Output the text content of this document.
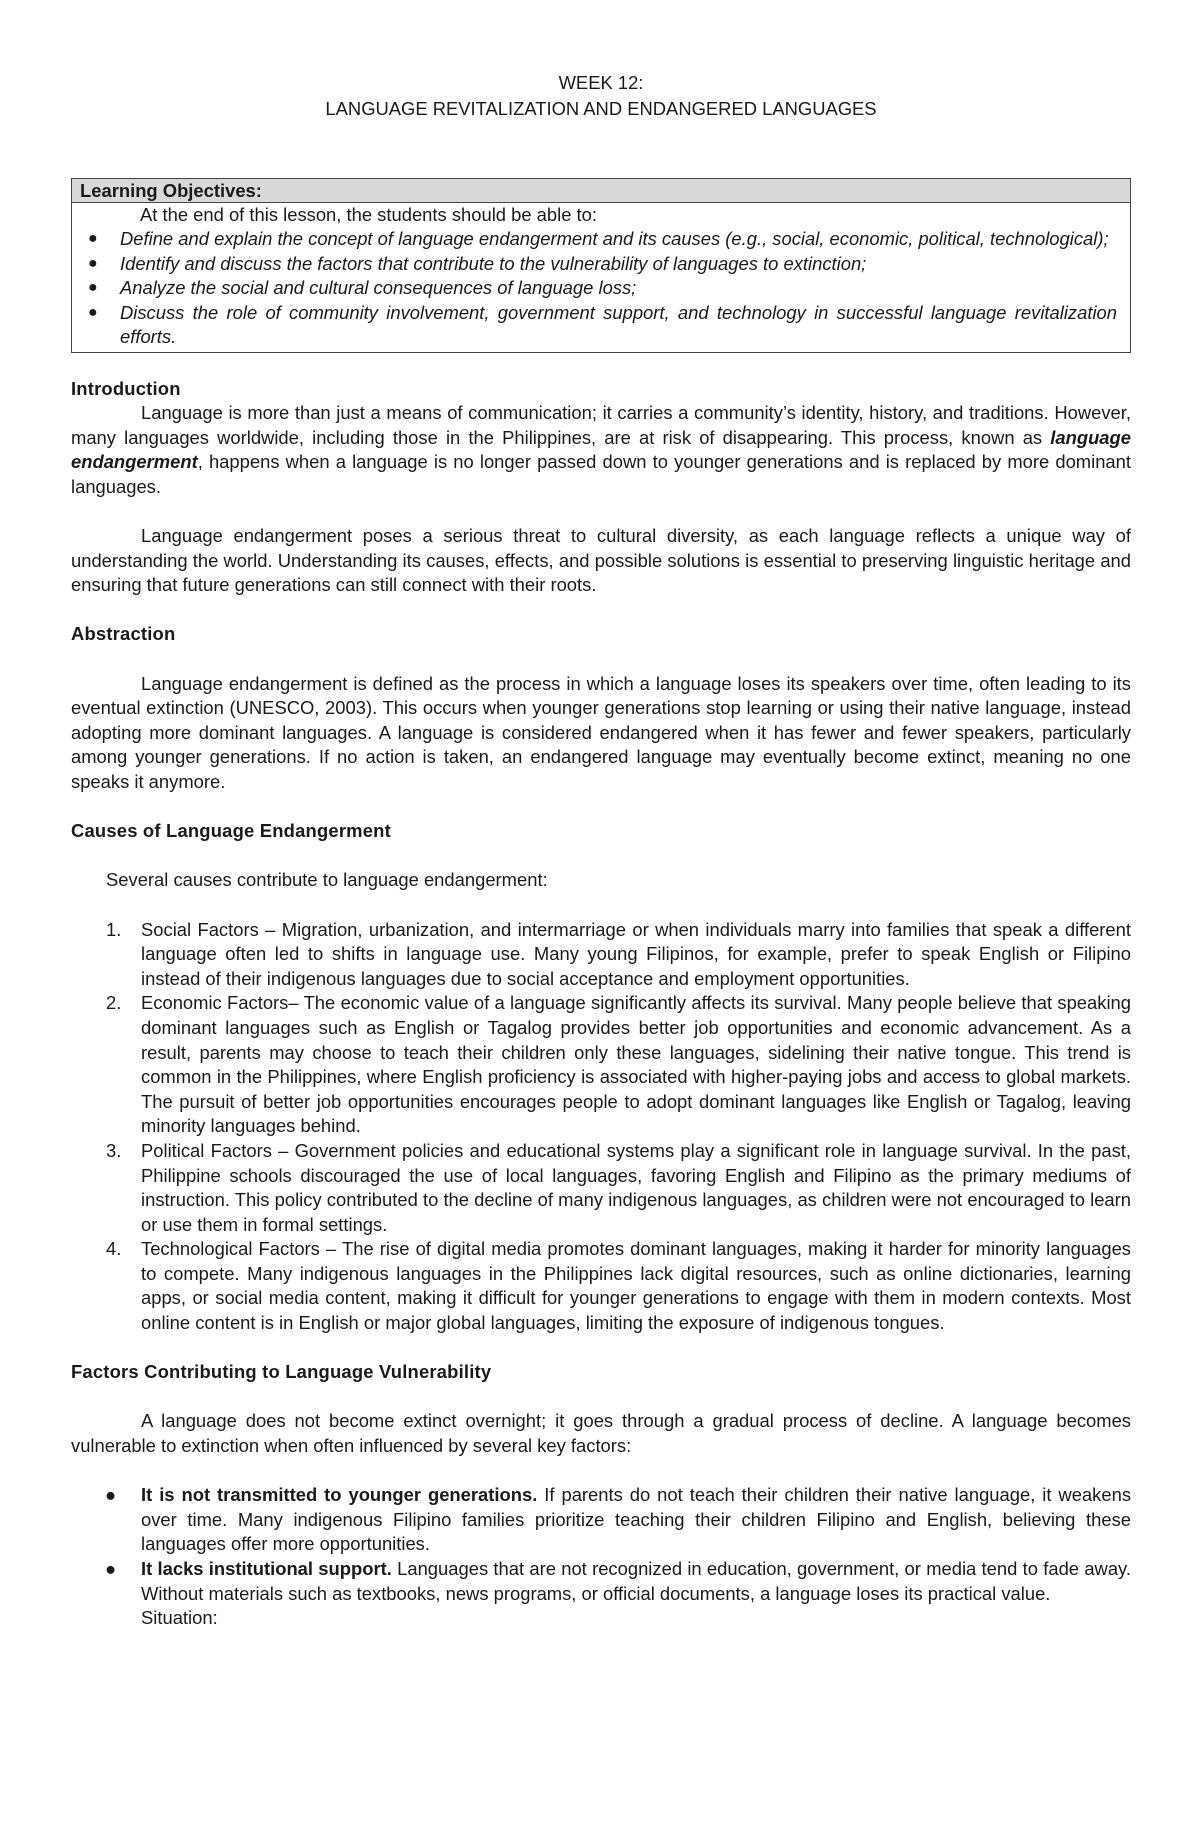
WEEK 12:
LANGUAGE REVITALIZATION AND ENDANGERED LANGUAGES
Learning Objectives:
At the end of this lesson, the students should be able to:
● Define and explain the concept of language endangerment and its causes (e.g., social, economic, political, technological);
● Identify and discuss the factors that contribute to the vulnerability of languages to extinction;
● Analyze the social and cultural consequences of language loss;
● Discuss the role of community involvement, government support, and technology in successful language revitalization efforts.
Introduction

Language is more than just a means of communication; it carries a community’s identity, history, and traditions. However, many languages worldwide, including those in the Philippines, are at risk of disappearing. This process, known as language endangerment, happens when a language is no longer passed down to younger generations and is replaced by more dominant languages.

Language endangerment poses a serious threat to cultural diversity, as each language reflects a unique way of understanding the world. Understanding its causes, effects, and possible solutions is essential to preserving linguistic heritage and ensuring that future generations can still connect with their roots.

Abstraction

Language endangerment is defined as the process in which a language loses its speakers over time, often leading to its eventual extinction (UNESCO, 2003). This occurs when younger generations stop learning or using their native language, instead adopting more dominant languages. A language is considered endangered when it has fewer and fewer speakers, particularly among younger generations. If no action is taken, an endangered language may eventually become extinct, meaning no one speaks it anymore.

Causes of Language Endangerment

Several causes contribute to language endangerment:

1. Social Factors – Migration, urbanization, and intermarriage or when individuals marry into families that speak a different language often led to shifts in language use. Many young Filipinos, for example, prefer to speak English or Filipino instead of their indigenous languages due to social acceptance and employment opportunities.
2. Economic Factors– The economic value of a language significantly affects its survival. Many people believe that speaking dominant languages such as English or Tagalog provides better job opportunities and economic advancement. As a result, parents may choose to teach their children only these languages, sidelining their native tongue. This trend is common in the Philippines, where English proficiency is associated with higher-paying jobs and access to global markets. The pursuit of better job opportunities encourages people to adopt dominant languages like English or Tagalog, leaving minority languages behind.
3. Political Factors – Government policies and educational systems play a significant role in language survival. In the past, Philippine schools discouraged the use of local languages, favoring English and Filipino as the primary mediums of instruction. This policy contributed to the decline of many indigenous languages, as children were not encouraged to learn or use them in formal settings.
4. Technological Factors – The rise of digital media promotes dominant languages, making it harder for minority languages to compete. Many indigenous languages in the Philippines lack digital resources, such as online dictionaries, learning apps, or social media content, making it difficult for younger generations to engage with them in modern contexts. Most online content is in English or major global languages, limiting the exposure of indigenous tongues.
Factors Contributing to Language Vulnerability

A language does not become extinct overnight; it goes through a gradual process of decline. A language becomes vulnerable to extinction when often influenced by several key factors:

● It is not transmitted to younger generations. If parents do not teach their children their native language, it weakens over time. Many indigenous Filipino families prioritize teaching their children Filipino and English, believing these languages offer more opportunities.
● It lacks institutional support. Languages that are not recognized in education, government, or media tend to fade away. Without materials such as textbooks, news programs, or official documents, a language loses its practical value.

Situation:
